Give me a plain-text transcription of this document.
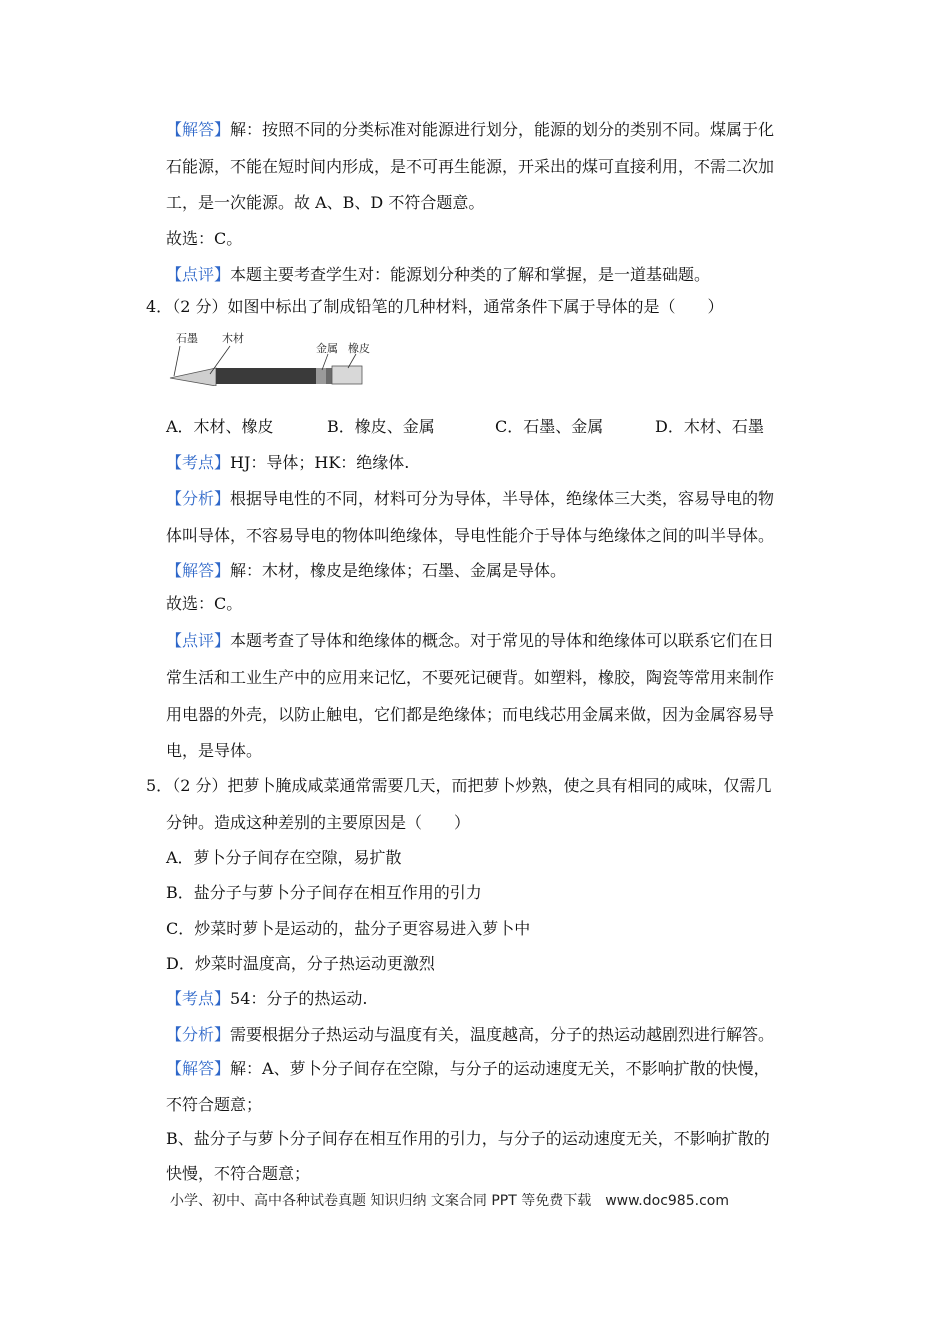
【解答】解：按照不同的分类标准对能源进行划分，能源的划分的类别不同。煤属于化
石能源，不能在短时间内形成，是不可再生能源，开采出的煤可直接利用，不需二次加
工，是一次能源。故 A、B、D 不符合题意。
故选：C。
【点评】本题主要考查学生对：能源划分种类的了解和掌握，是一道基础题。
4．（2 分）如图中标出了制成铅笔的几种材料，通常条件下属于导体的是（　　）
石墨 木材
金属 橡皮
A．木材、橡皮	B．橡皮、金属	C．石墨、金属	D．木材、石墨
【考点】HJ：导体；HK：绝缘体.
【分析】根据导电性的不同，材料可分为导体，半导体，绝缘体三大类，容易导电的物
体叫导体，不容易导电的物体叫绝缘体，导电性能介于导体与绝缘体之间的叫半导体。
【解答】解：木材，橡皮是绝缘体；石墨、金属是导体。
故选：C。
【点评】本题考查了导体和绝缘体的概念。对于常见的导体和绝缘体可以联系它们在日
常生活和工业生产中的应用来记忆，不要死记硬背。如塑料，橡胶，陶瓷等常用来制作
用电器的外壳，以防止触电，它们都是绝缘体；而电线芯用金属来做，因为金属容易导
电，是导体。
5．（2 分）把萝卜腌成咸菜通常需要几天，而把萝卜炒熟，使之具有相同的咸味，仅需几
分钟。造成这种差别的主要原因是（　　）
A．萝卜分子间存在空隙，易扩散
B．盐分子与萝卜分子间存在相互作用的引力
C．炒菜时萝卜是运动的，盐分子更容易进入萝卜中
D．炒菜时温度高，分子热运动更激烈
【考点】54：分子的热运动.
【分析】需要根据分子热运动与温度有关，温度越高，分子的热运动越剧烈进行解答。
【解答】解：A、萝卜分子间存在空隙，与分子的运动速度无关，不影响扩散的快慢，
不符合题意；
B、盐分子与萝卜分子间存在相互作用的引力，与分子的运动速度无关，不影响扩散的
快慢，不符合题意；
小学、初中、高中各种试卷真题 知识归纳 文案合同 PPT 等免费下载　www.doc985.com
